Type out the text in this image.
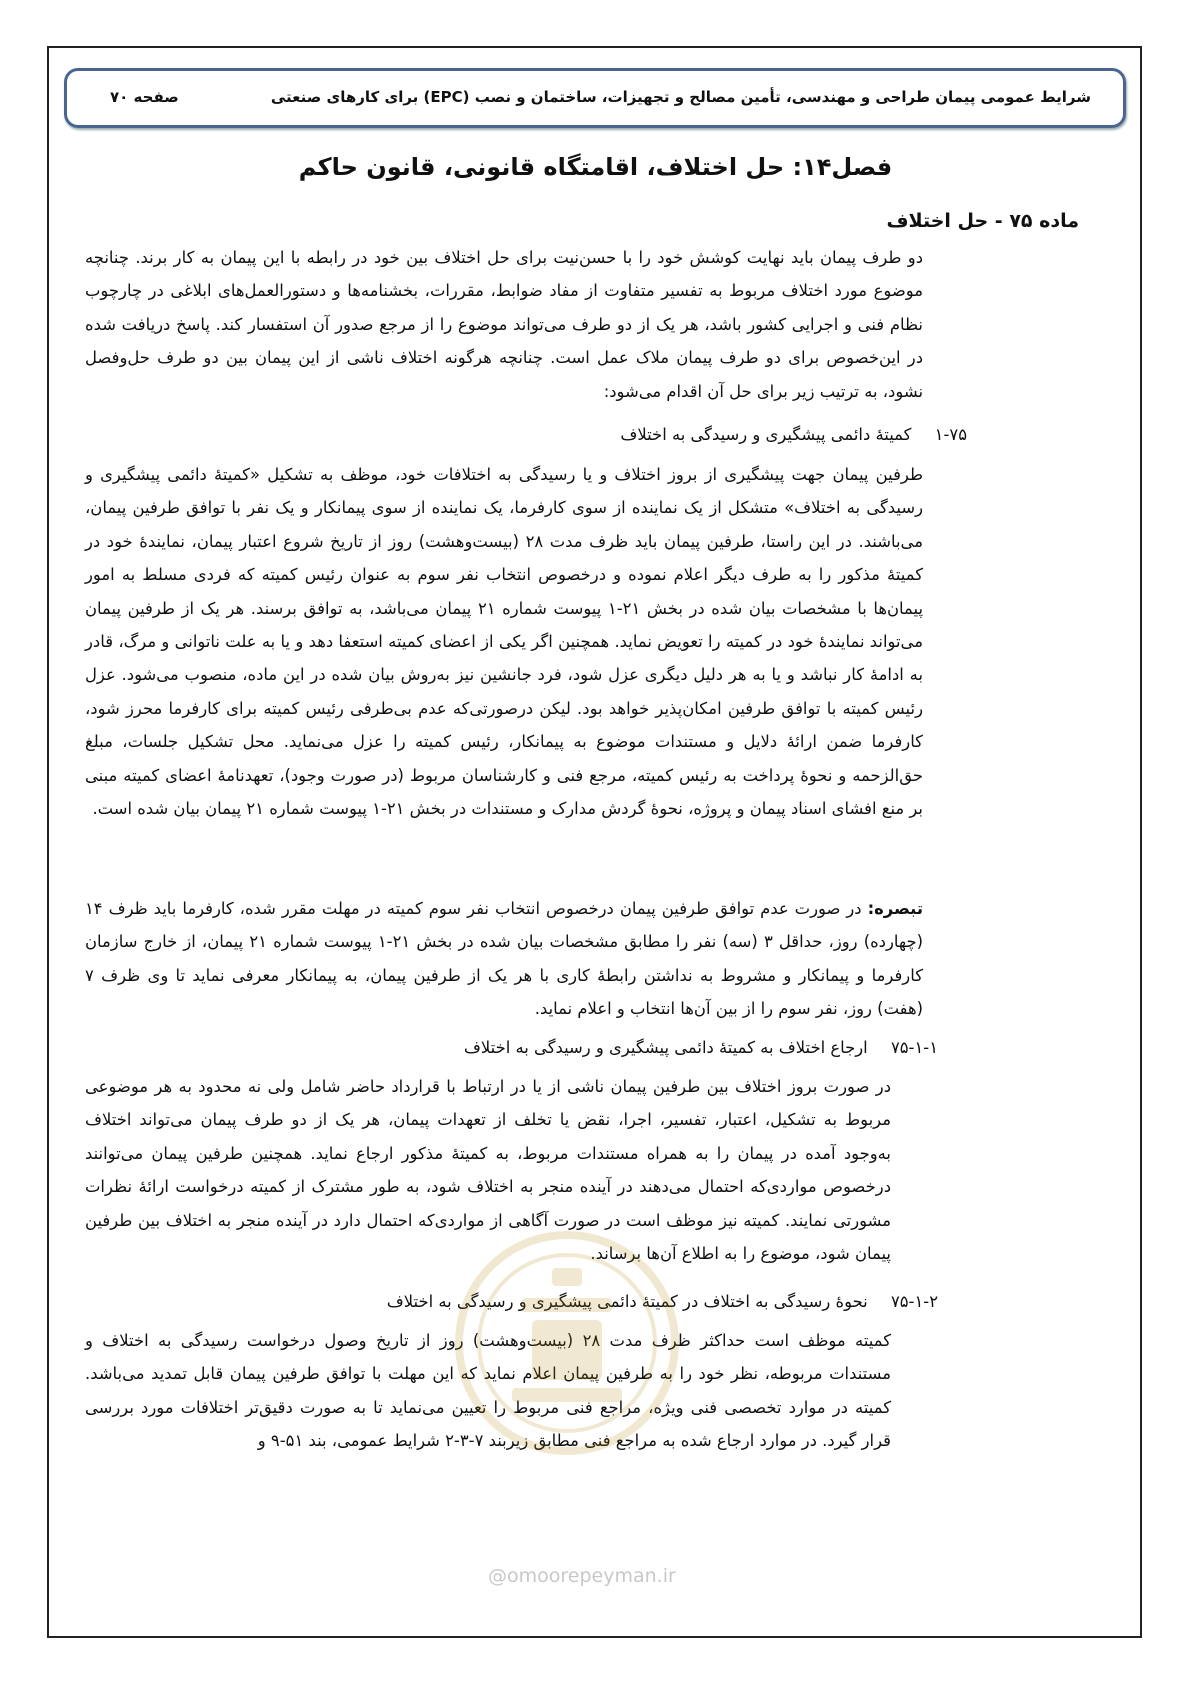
شرایط عمومی پیمان طراحی و مهندسی، تأمین مصالح و تجهیزات، ساختمان و نصب (EPC) برای کارهای صنعتی
صفحه ۷۰
فصل۱۴: حل اختلاف، اقامتگاه قانونی، قانون حاکم
ماده ۷۵ - حل اختلاف
دو طرف پیمان باید نهایت کوشش خود را با حسن‌نیت برای حل اختلاف بین خود در رابطه با این پیمان به کار برند. چنانچه موضوع مورد اختلاف مربوط به تفسیر متفاوت از مفاد ضوابط، مقررات، بخشنامه‌ها و دستورالعمل‌های ابلاغی در چارچوب نظام فنی و اجرایی کشور باشد، هر یک از دو طرف می‌تواند موضوع را از مرجع صدور آن استفسار کند. پاسخ دریافت شده در این‌خصوص برای دو طرف پیمان ملاک عمل است. چنانچه هرگونه اختلاف ناشی از این پیمان بین دو طرف حل‌وفصل نشود، به ترتیب زیر برای حل آن اقدام می‌شود:
۱-۷۵ کمیتهٔ دائمی پیشگیری و رسیدگی به اختلاف
طرفین پیمان جهت پیشگیری از بروز اختلاف و یا رسیدگی به اختلافات خود، موظف به تشکیل «کمیتهٔ دائمی پیشگیری و رسیدگی به اختلاف» متشکل از یک نماینده از سوی کارفرما، یک نماینده از سوی پیمانکار و یک نفر با توافق طرفین پیمان، می‌باشند. در این راستا، طرفین پیمان باید ظرف مدت ۲۸ (بیست‌وهشت) روز از تاریخ شروع اعتبار پیمان، نمایندهٔ خود در کمیتهٔ مذکور را به طرف دیگر اعلام نموده و درخصوص انتخاب نفر سوم به عنوان رئیس کمیته که فردی مسلط به امور پیمان‌ها با مشخصات بیان شده در بخش ۲۱-۱ پیوست شماره ۲۱ پیمان می‌باشد، به توافق برسند. هر یک از طرفین پیمان می‌تواند نمایندهٔ خود در کمیته را تعویض نماید. همچنین اگر یکی از اعضای کمیته استعفا دهد و یا به علت ناتوانی و مرگ، قادر به ادامهٔ کار نباشد و یا به هر دلیل دیگری عزل شود، فرد جانشین نیز به‌روش بیان شده در این ماده، منصوب می‌شود. عزل رئیس کمیته با توافق طرفین امکان‌پذیر خواهد بود. لیکن درصورتی‌که عدم بی‌طرفی رئیس کمیته برای کارفرما محرز شود، کارفرما ضمن ارائهٔ دلایل و مستندات موضوع به پیمانکار، رئیس کمیته را عزل می‌نماید. محل تشکیل جلسات، مبلغ حق‌الزحمه و نحوهٔ پرداخت به رئیس کمیته، مرجع فنی و کارشناسان مربوط (در صورت وجود)، تعهدنامهٔ اعضای کمیته مبنی بر منع افشای اسناد پیمان و پروژه، نحوهٔ گردش مدارک و مستندات در بخش ۲۱-۱ پیوست شماره ۲۱ پیمان بیان شده است.
تبصره: در صورت عدم توافق طرفین پیمان درخصوص انتخاب نفر سوم کمیته در مهلت مقرر شده، کارفرما باید ظرف ۱۴ (چهارده) روز، حداقل ۳ (سه) نفر را مطابق مشخصات بیان شده در بخش ۲۱-۱ پیوست شماره ۲۱ پیمان، از خارج سازمان کارفرما و پیمانکار و مشروط به نداشتن رابطهٔ کاری با هر یک از طرفین پیمان، به پیمانکار معرفی نماید تا وی ظرف ۷ (هفت) روز، نفر سوم را از بین آن‌ها انتخاب و اعلام نماید.
۷۵-۱-۱ ارجاع اختلاف به کمیتهٔ دائمی پیشگیری و رسیدگی به اختلاف
در صورت بروز اختلاف بین طرفین پیمان ناشی از یا در ارتباط با قرارداد حاضر شامل ولی نه محدود به هر موضوعی مربوط به تشکیل، اعتبار، تفسیر، اجرا، نقض یا تخلف از تعهدات پیمان، هر یک از دو طرف پیمان می‌تواند اختلاف به‌وجود آمده در پیمان را به همراه مستندات مربوط، به کمیتهٔ مذکور ارجاع نماید. همچنین طرفین پیمان می‌توانند درخصوص مواردی‌که احتمال می‌دهند در آینده منجر به اختلاف شود، به طور مشترک از کمیته درخواست ارائهٔ نظرات مشورتی نمایند. کمیته نیز موظف است در صورت آگاهی از مواردی‌که احتمال دارد در آینده منجر به اختلاف بین طرفین پیمان شود، موضوع را به اطلاع آن‌ها برساند.
۷۵-۱-۲ نحوهٔ رسیدگی به اختلاف در کمیتهٔ دائمی پیشگیری و رسیدگی به اختلاف
کمیته موظف است حداکثر ظرف مدت ۲۸ (بیست‌وهشت) روز از تاریخ وصول درخواست رسیدگی به اختلاف و مستندات مربوطه، نظر خود را به طرفین پیمان اعلام نماید که این مهلت با توافق طرفین پیمان قابل تمدید می‌باشد. کمیته در موارد تخصصی فنی ویژه، مراجع فنی مربوط را تعیین می‌نماید تا به صورت دقیق‌تر اختلافات مورد بررسی قرار گیرد. در موارد ارجاع شده به مراجع فنی مطابق زیربند ۷-۳-۲ شرایط عمومی، بند ۵۱-۹ و
@omoorepeyman.ir
